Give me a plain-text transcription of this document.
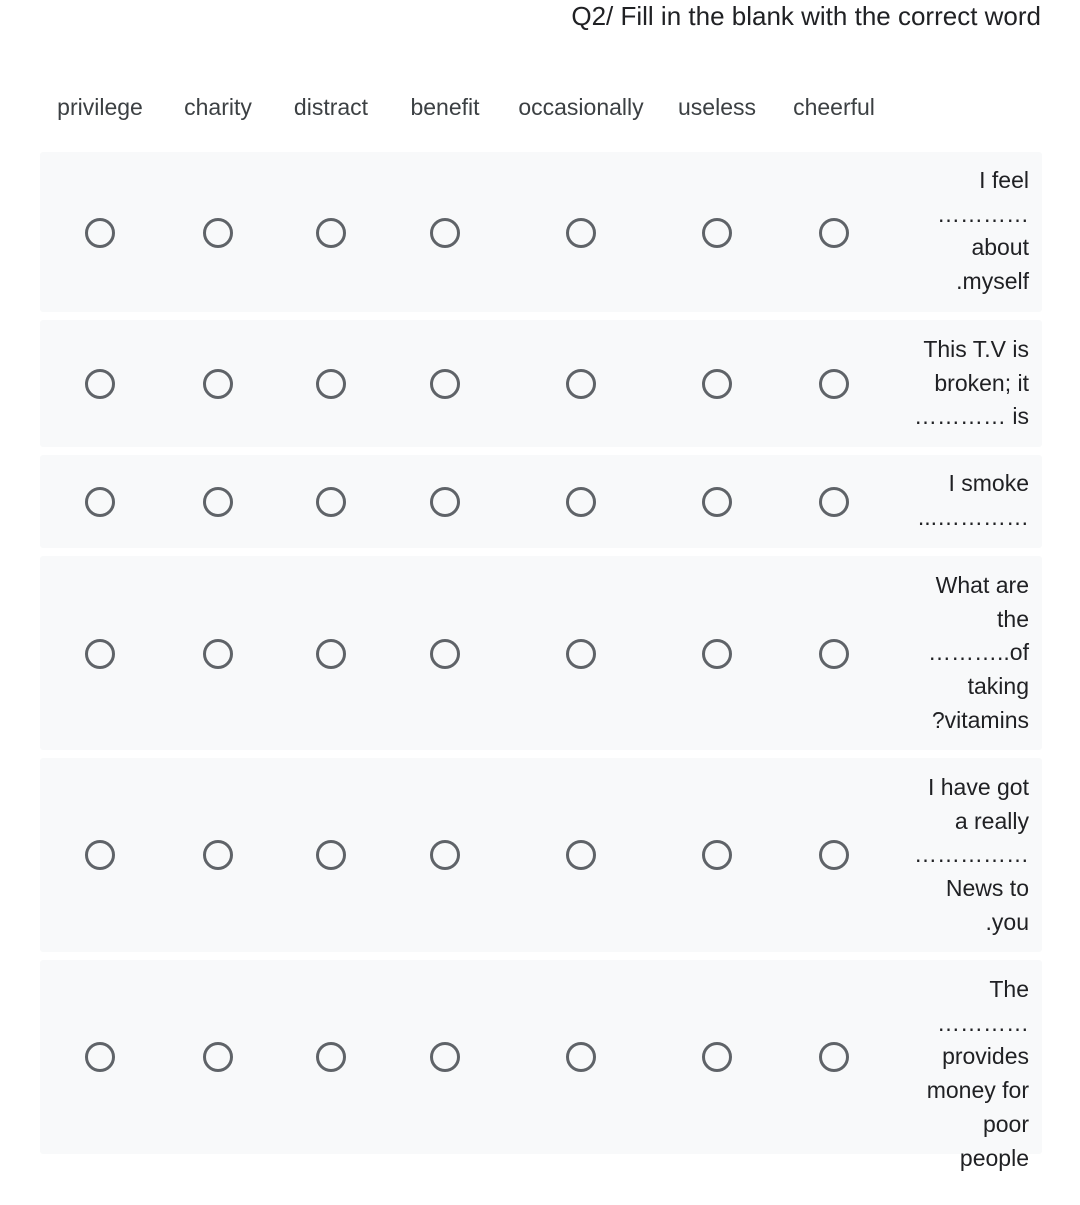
Q2/ Fill in the blank with the correct word
privilege charity distract benefit occasionally useless cheerful
I feel
…………
about
.myself
This T.V is
broken; it
………… is
I smoke
...…………
What are
the
………..of
taking
?vitamins
I have got
a really
……………
News to
.you
The …………
provides
money for
poor
people
